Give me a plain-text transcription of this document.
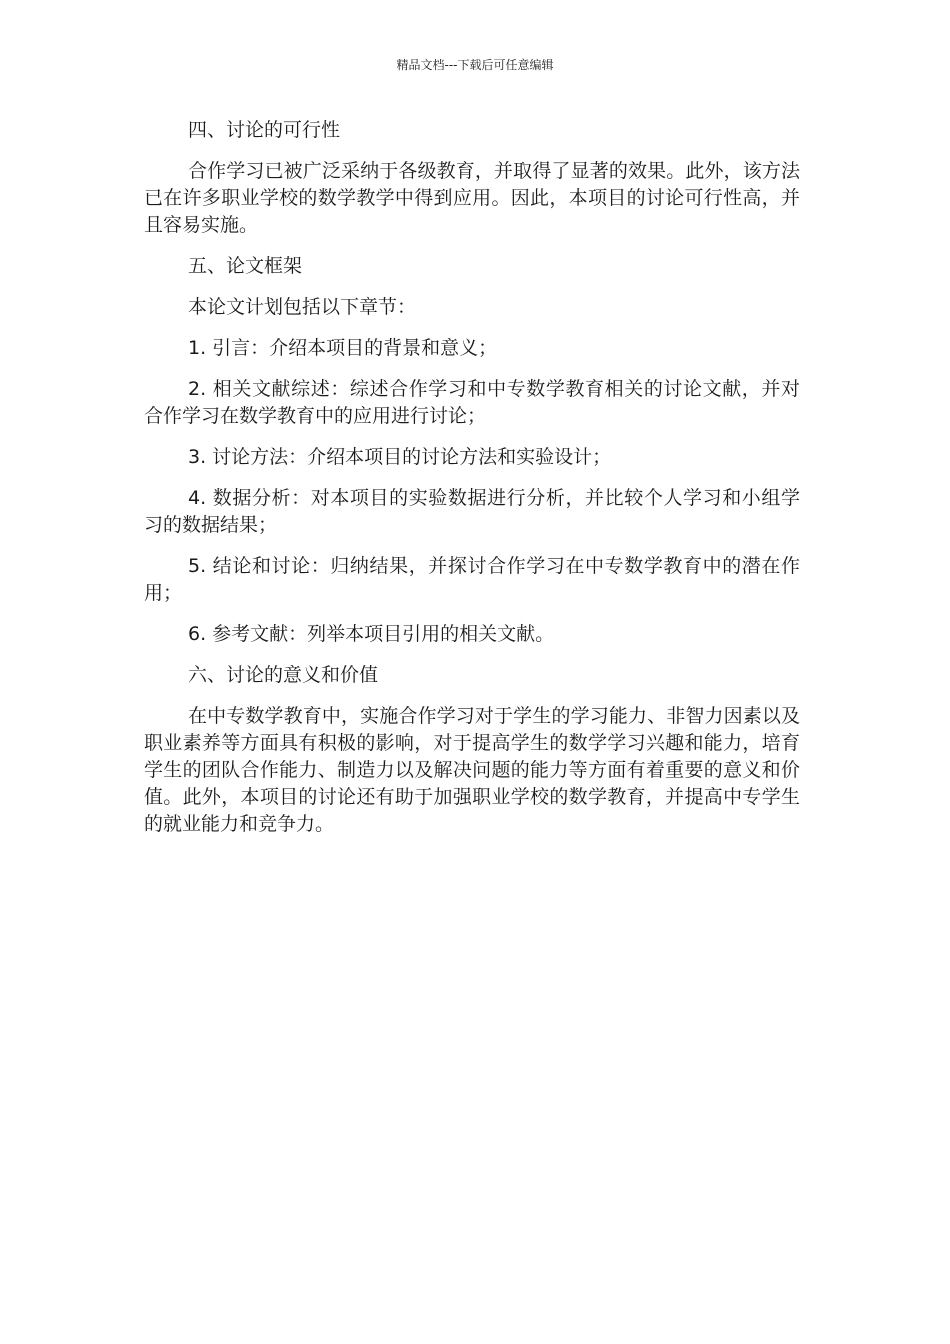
精品文档---下载后可任意编辑

四、讨论的可行性

合作学习已被广泛采纳于各级教育，并取得了显著的效果。此外，该方法已在许多职业学校的数学教学中得到应用。因此，本项目的讨论可行性高，并且容易实施。

五、论文框架

本论文计划包括以下章节：

1. 引言：介绍本项目的背景和意义；

2. 相关文献综述：综述合作学习和中专数学教育相关的讨论文献，并对合作学习在数学教育中的应用进行讨论；

3. 讨论方法：介绍本项目的讨论方法和实验设计；

4. 数据分析：对本项目的实验数据进行分析，并比较个人学习和小组学习的数据结果；

5. 结论和讨论：归纳结果，并探讨合作学习在中专数学教育中的潜在作用；

6. 参考文献：列举本项目引用的相关文献。

六、讨论的意义和价值

在中专数学教育中，实施合作学习对于学生的学习能力、非智力因素以及职业素养等方面具有积极的影响，对于提高学生的数学学习兴趣和能力，培育学生的团队合作能力、制造力以及解决问题的能力等方面有着重要的意义和价值。此外，本项目的讨论还有助于加强职业学校的数学教育，并提高中专学生的就业能力和竞争力。
